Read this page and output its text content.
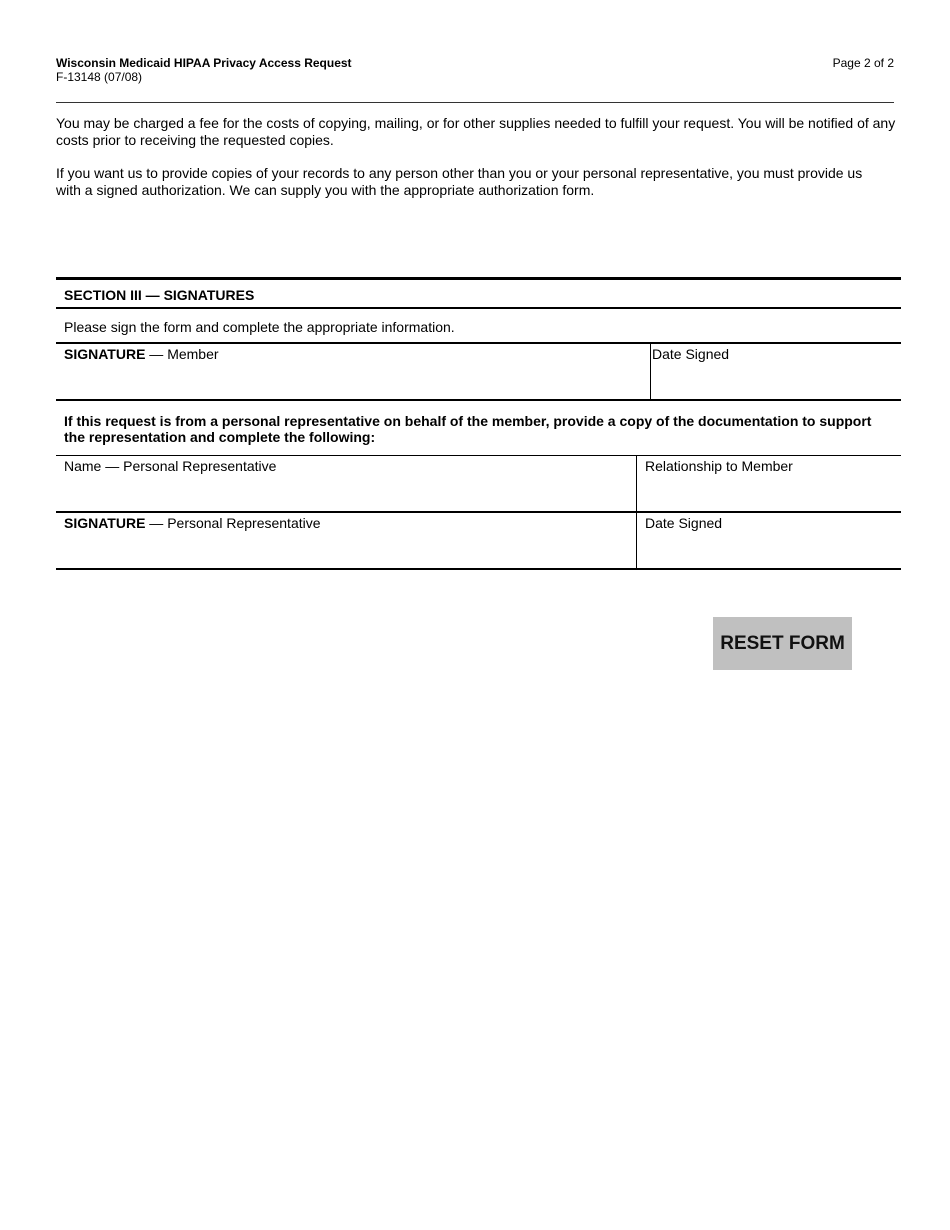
Wisconsin Medicaid HIPAA Privacy Access Request
F-13148 (07/08)
Page 2 of 2
You may be charged a fee for the costs of copying, mailing, or for other supplies needed to fulfill your request. You will be notified of any costs prior to receiving the requested copies.
If you want us to provide copies of your records to any person other than you or your personal representative, you must provide us with a signed authorization. We can supply you with the appropriate authorization form.
SECTION III — SIGNATURES
Please sign the form and complete the appropriate information.
SIGNATURE — Member	Date Signed
If this request is from a personal representative on behalf of the member, provide a copy of the documentation to support the representation and complete the following:
Name — Personal Representative	Relationship to Member
SIGNATURE — Personal Representative	Date Signed
RESET FORM
